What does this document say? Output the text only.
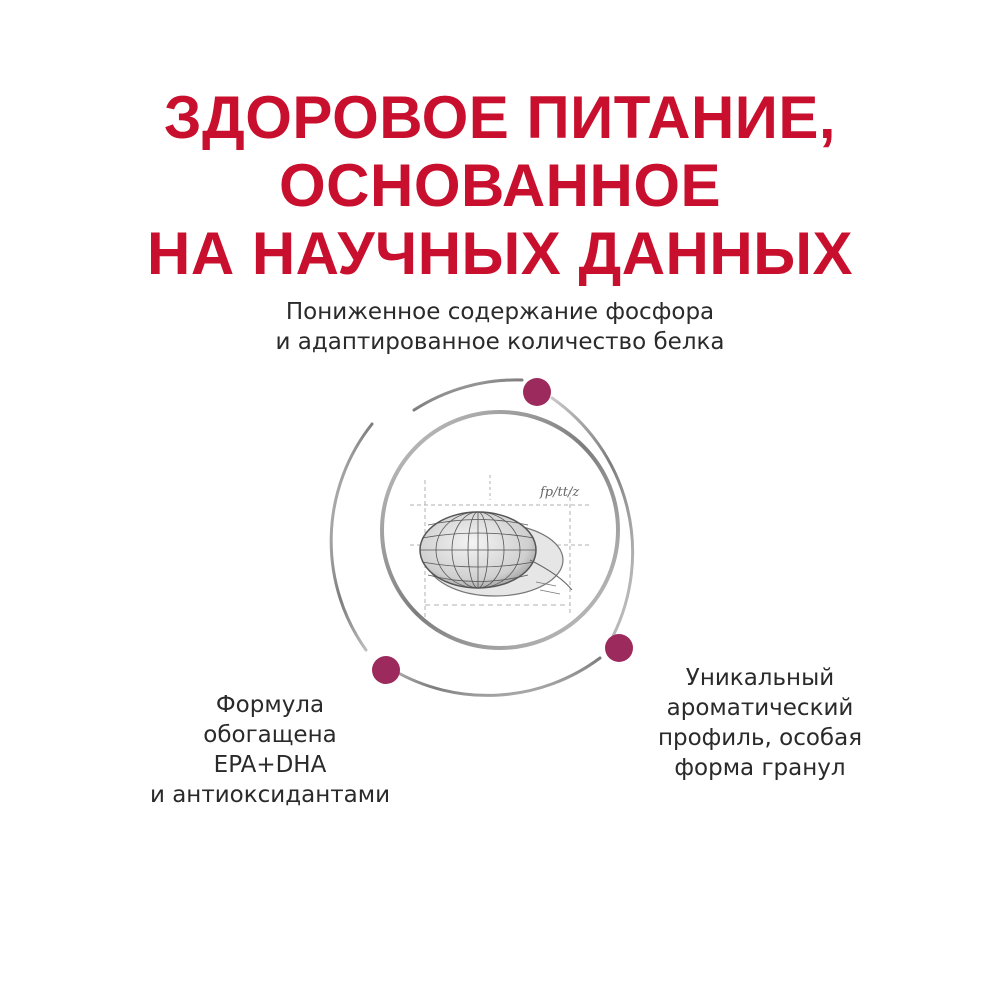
ЗДОРОВОЕ ПИТАНИЕ, ОСНОВАННОЕ
НА НАУЧНЫХ ДАННЫХ
fp/tt/z
Пониженное содержание фосфора
и адаптированное количество белка
Формула
обогащена
EPA+DHA
и антиоксидантами
Уникальный
ароматический
профиль, особая
форма гранул
